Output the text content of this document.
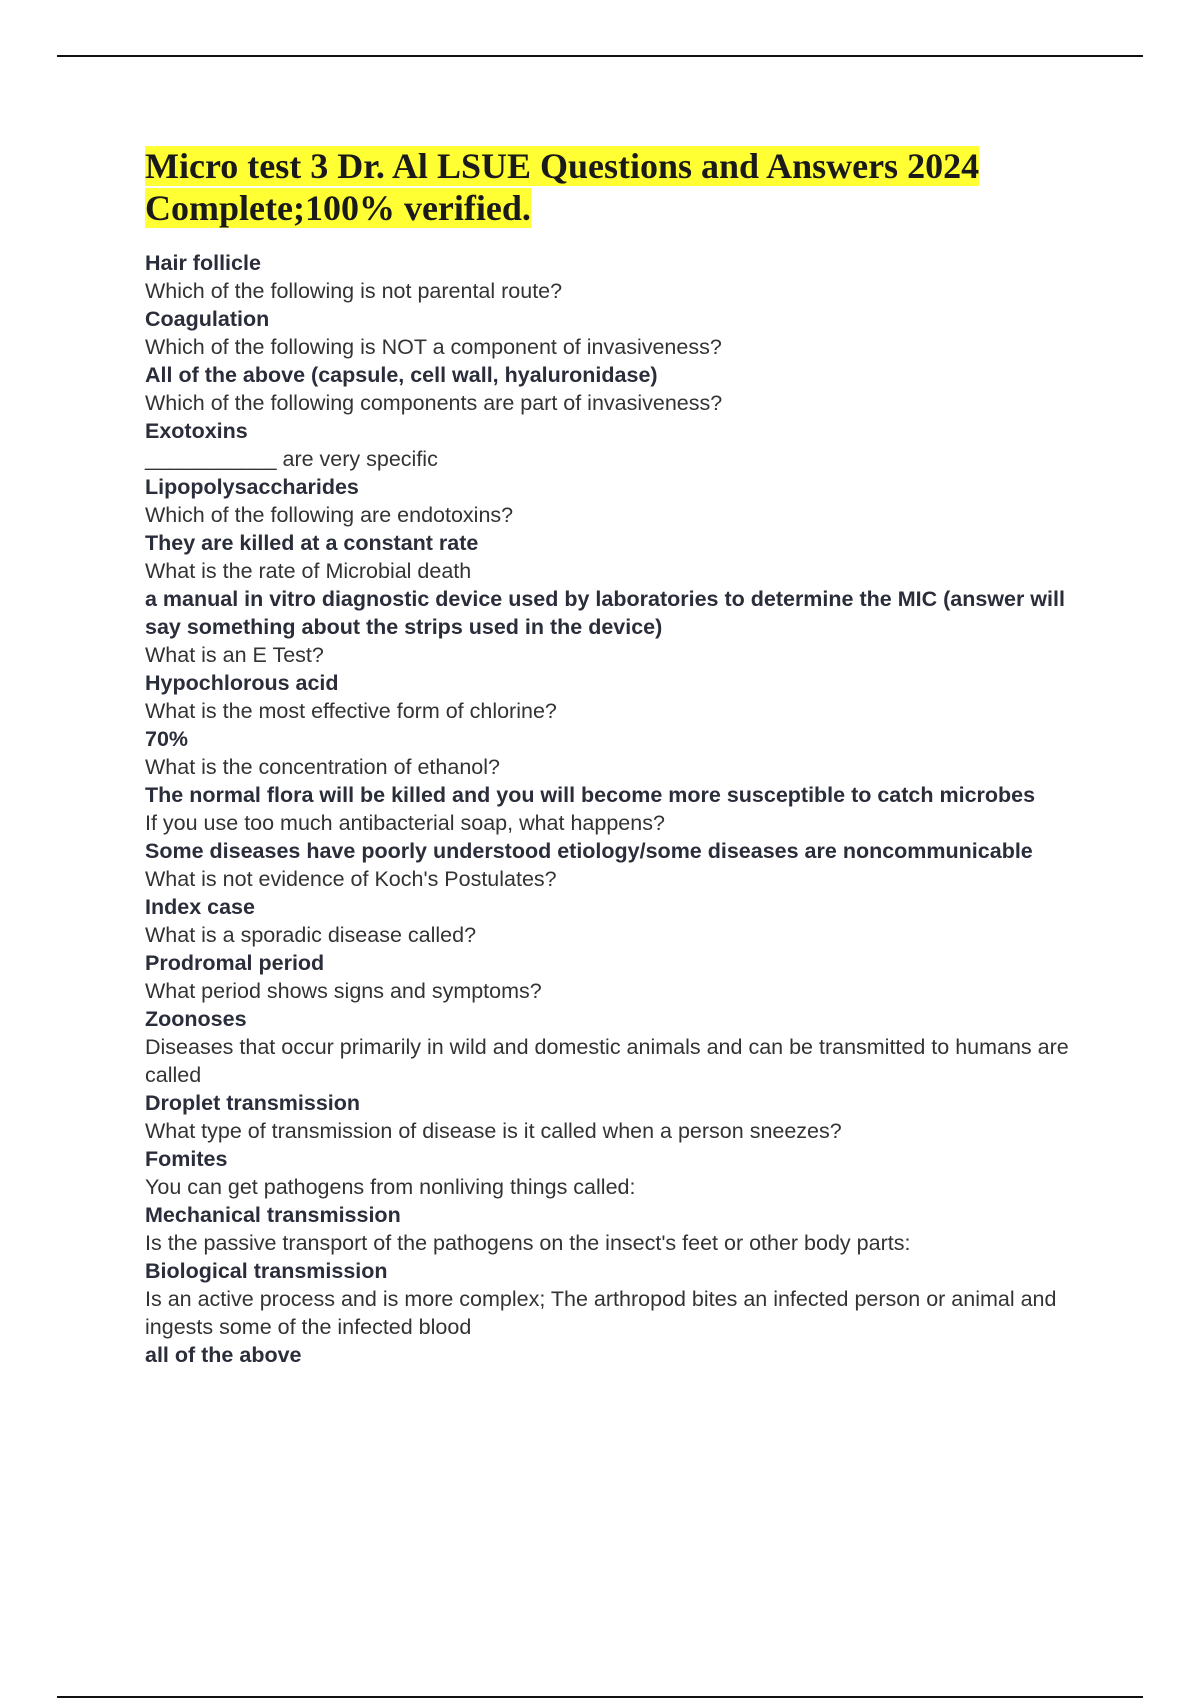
Micro test 3 Dr. Al LSUE Questions and Answers 2024
Complete;100% verified.
Hair follicle
Which of the following is not parental route?
Coagulation
Which of the following is NOT a component of invasiveness?
All of the above (capsule, cell wall, hyaluronidase)
Which of the following components are part of invasiveness?
Exotoxins
___________ are very specific
Lipopolysaccharides
Which of the following are endotoxins?
They are killed at a constant rate
What is the rate of Microbial death
a manual in vitro diagnostic device used by laboratories to determine the MIC (answer will say something about the strips used in the device)
What is an E Test?
Hypochlorous acid
What is the most effective form of chlorine?
70%
What is the concentration of ethanol?
The normal flora will be killed and you will become more susceptible to catch microbes
If you use too much antibacterial soap, what happens?
Some diseases have poorly understood etiology/some diseases are noncommunicable
What is not evidence of Koch's Postulates?
Index case
What is a sporadic disease called?
Prodromal period
What period shows signs and symptoms?
Zoonoses
Diseases that occur primarily in wild and domestic animals and can be transmitted to humans are called
Droplet transmission
What type of transmission of disease is it called when a person sneezes?
Fomites
You can get pathogens from nonliving things called:
Mechanical transmission
Is the passive transport of the pathogens on the insect's feet or other body parts:
Biological transmission
Is an active process and is more complex; The arthropod bites an infected person or animal and ingests some of the infected blood
all of the above
